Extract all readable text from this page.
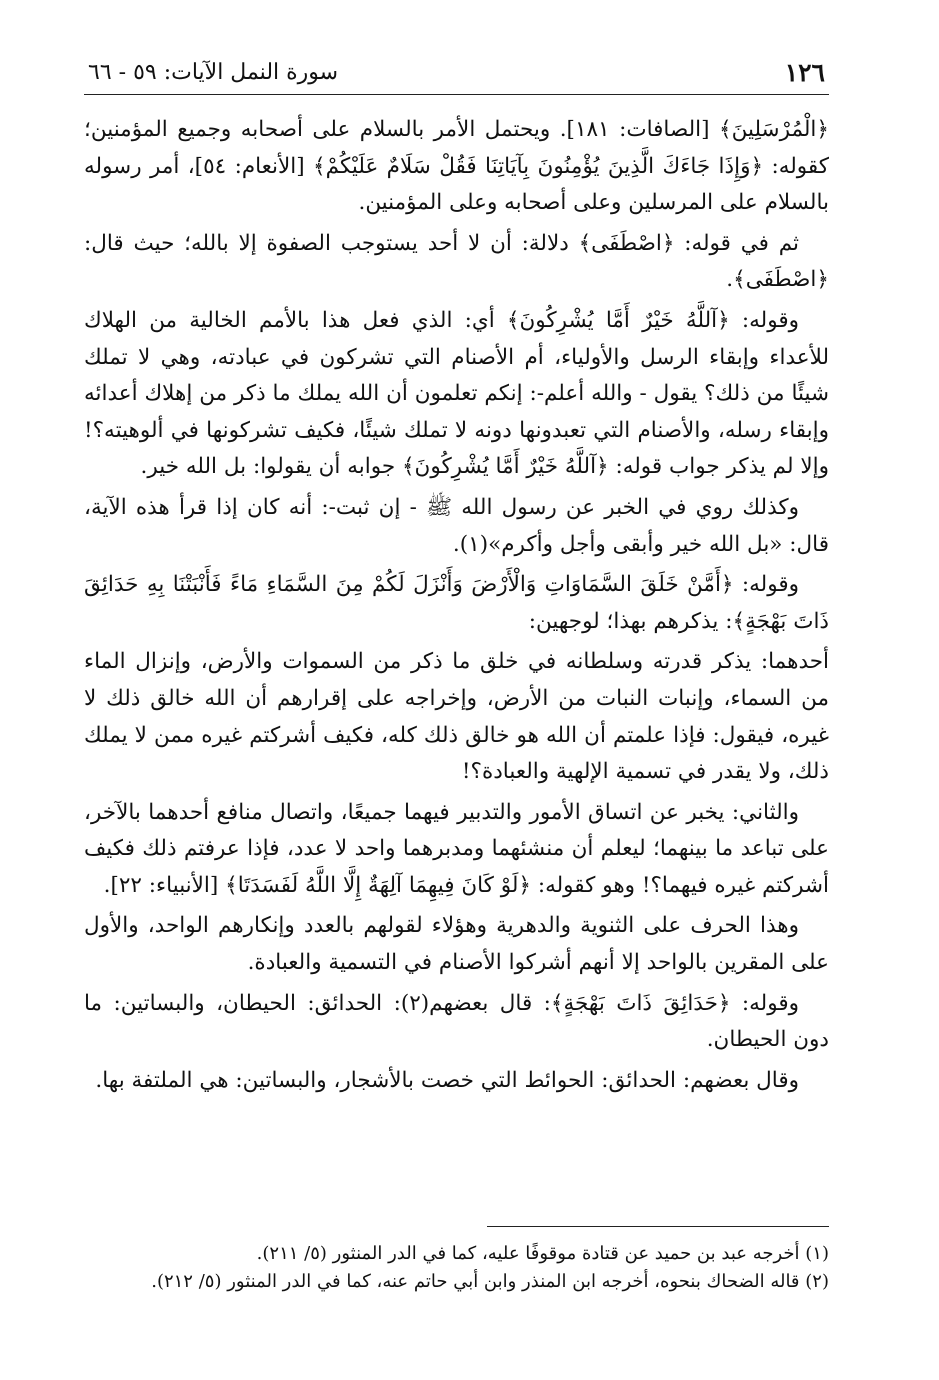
١٢٦
سورة النمل الآيات: ٥٩ - ٦٦

﴿الْمُرْسَلِينَ﴾ [الصافات: ١٨١]. ويحتمل الأمر بالسلام على أصحابه وجميع المؤمنين؛ كقوله: ﴿وَإِذَا جَاءَكَ الَّذِينَ يُؤْمِنُونَ بِآيَاتِنَا فَقُلْ سَلَامٌ عَلَيْكُمْ﴾ [الأنعام: ٥٤]، أمر رسوله بالسلام على المرسلين وعلى أصحابه وعلى المؤمنين.

ثم في قوله: ﴿اصْطَفَى﴾ دلالة: أن لا أحد يستوجب الصفوة إلا بالله؛ حيث قال: ﴿اصْطَفَى﴾.

وقوله: ﴿آللَّهُ خَيْرٌ أَمَّا يُشْرِكُونَ﴾ أي: الذي فعل هذا بالأمم الخالية من الهلاك للأعداء وإبقاء الرسل والأولياء، أم الأصنام التي تشركون في عبادته، وهي لا تملك شيئًا من ذلك؟ يقول - والله أعلم-: إنكم تعلمون أن الله يملك ما ذكر من إهلاك أعدائه وإبقاء رسله، والأصنام التي تعبدونها دونه لا تملك شيئًا، فكيف تشركونها في ألوهيته؟! وإلا لم يذكر جواب قوله: ﴿آللَّهُ خَيْرٌ أَمَّا يُشْرِكُونَ﴾ جوابه أن يقولوا: بل الله خير.

وكذلك روي في الخبر عن رسول الله ﷺ - إن ثبت-: أنه كان إذا قرأ هذه الآية، قال: «بل الله خير وأبقى وأجل وأكرم»(١).

وقوله: ﴿أَمَّنْ خَلَقَ السَّمَاوَاتِ وَالْأَرْضَ وَأَنْزَلَ لَكُمْ مِنَ السَّمَاءِ مَاءً فَأَنْبَتْنَا بِهِ حَدَائِقَ ذَاتَ بَهْجَةٍ﴾: يذكرهم بهذا؛ لوجهين:

أحدهما: يذكر قدرته وسلطانه في خلق ما ذكر من السموات والأرض، وإنزال الماء من السماء، وإنبات النبات من الأرض، وإخراجه على إقرارهم أن الله خالق ذلك لا غيره، فيقول: فإذا علمتم أن الله هو خالق ذلك كله، فكيف أشركتم غيره ممن لا يملك ذلك، ولا يقدر في تسمية الإلهية والعبادة؟!

والثاني: يخبر عن اتساق الأمور والتدبير فيهما جميعًا، واتصال منافع أحدهما بالآخر، على تباعد ما بينهما؛ ليعلم أن منشئهما ومدبرهما واحد لا عدد، فإذا عرفتم ذلك فكيف أشركتم غيره فيهما؟! وهو كقوله: ﴿لَوْ كَانَ فِيهِمَا آلِهَةٌ إِلَّا اللَّهُ لَفَسَدَتَا﴾ [الأنبياء: ٢٢].

وهذا الحرف على الثنوية والدهرية وهؤلاء لقولهم بالعدد وإنكارهم الواحد، والأول على المقرين بالواحد إلا أنهم أشركوا الأصنام في التسمية والعبادة.

وقوله: ﴿حَدَائِقَ ذَاتَ بَهْجَةٍ﴾: قال بعضهم(٢): الحدائق: الحيطان، والبساتين: ما دون الحيطان.

وقال بعضهم: الحدائق: الحوائط التي خصت بالأشجار، والبساتين: هي الملتفة بها.

(١) أخرجه عبد بن حميد عن قتادة موقوفًا عليه، كما في الدر المنثور (٥/ ٢١١).

(٢) قاله الضحاك بنحوه، أخرجه ابن المنذر وابن أبي حاتم عنه، كما في الدر المنثور (٥/ ٢١٢).
